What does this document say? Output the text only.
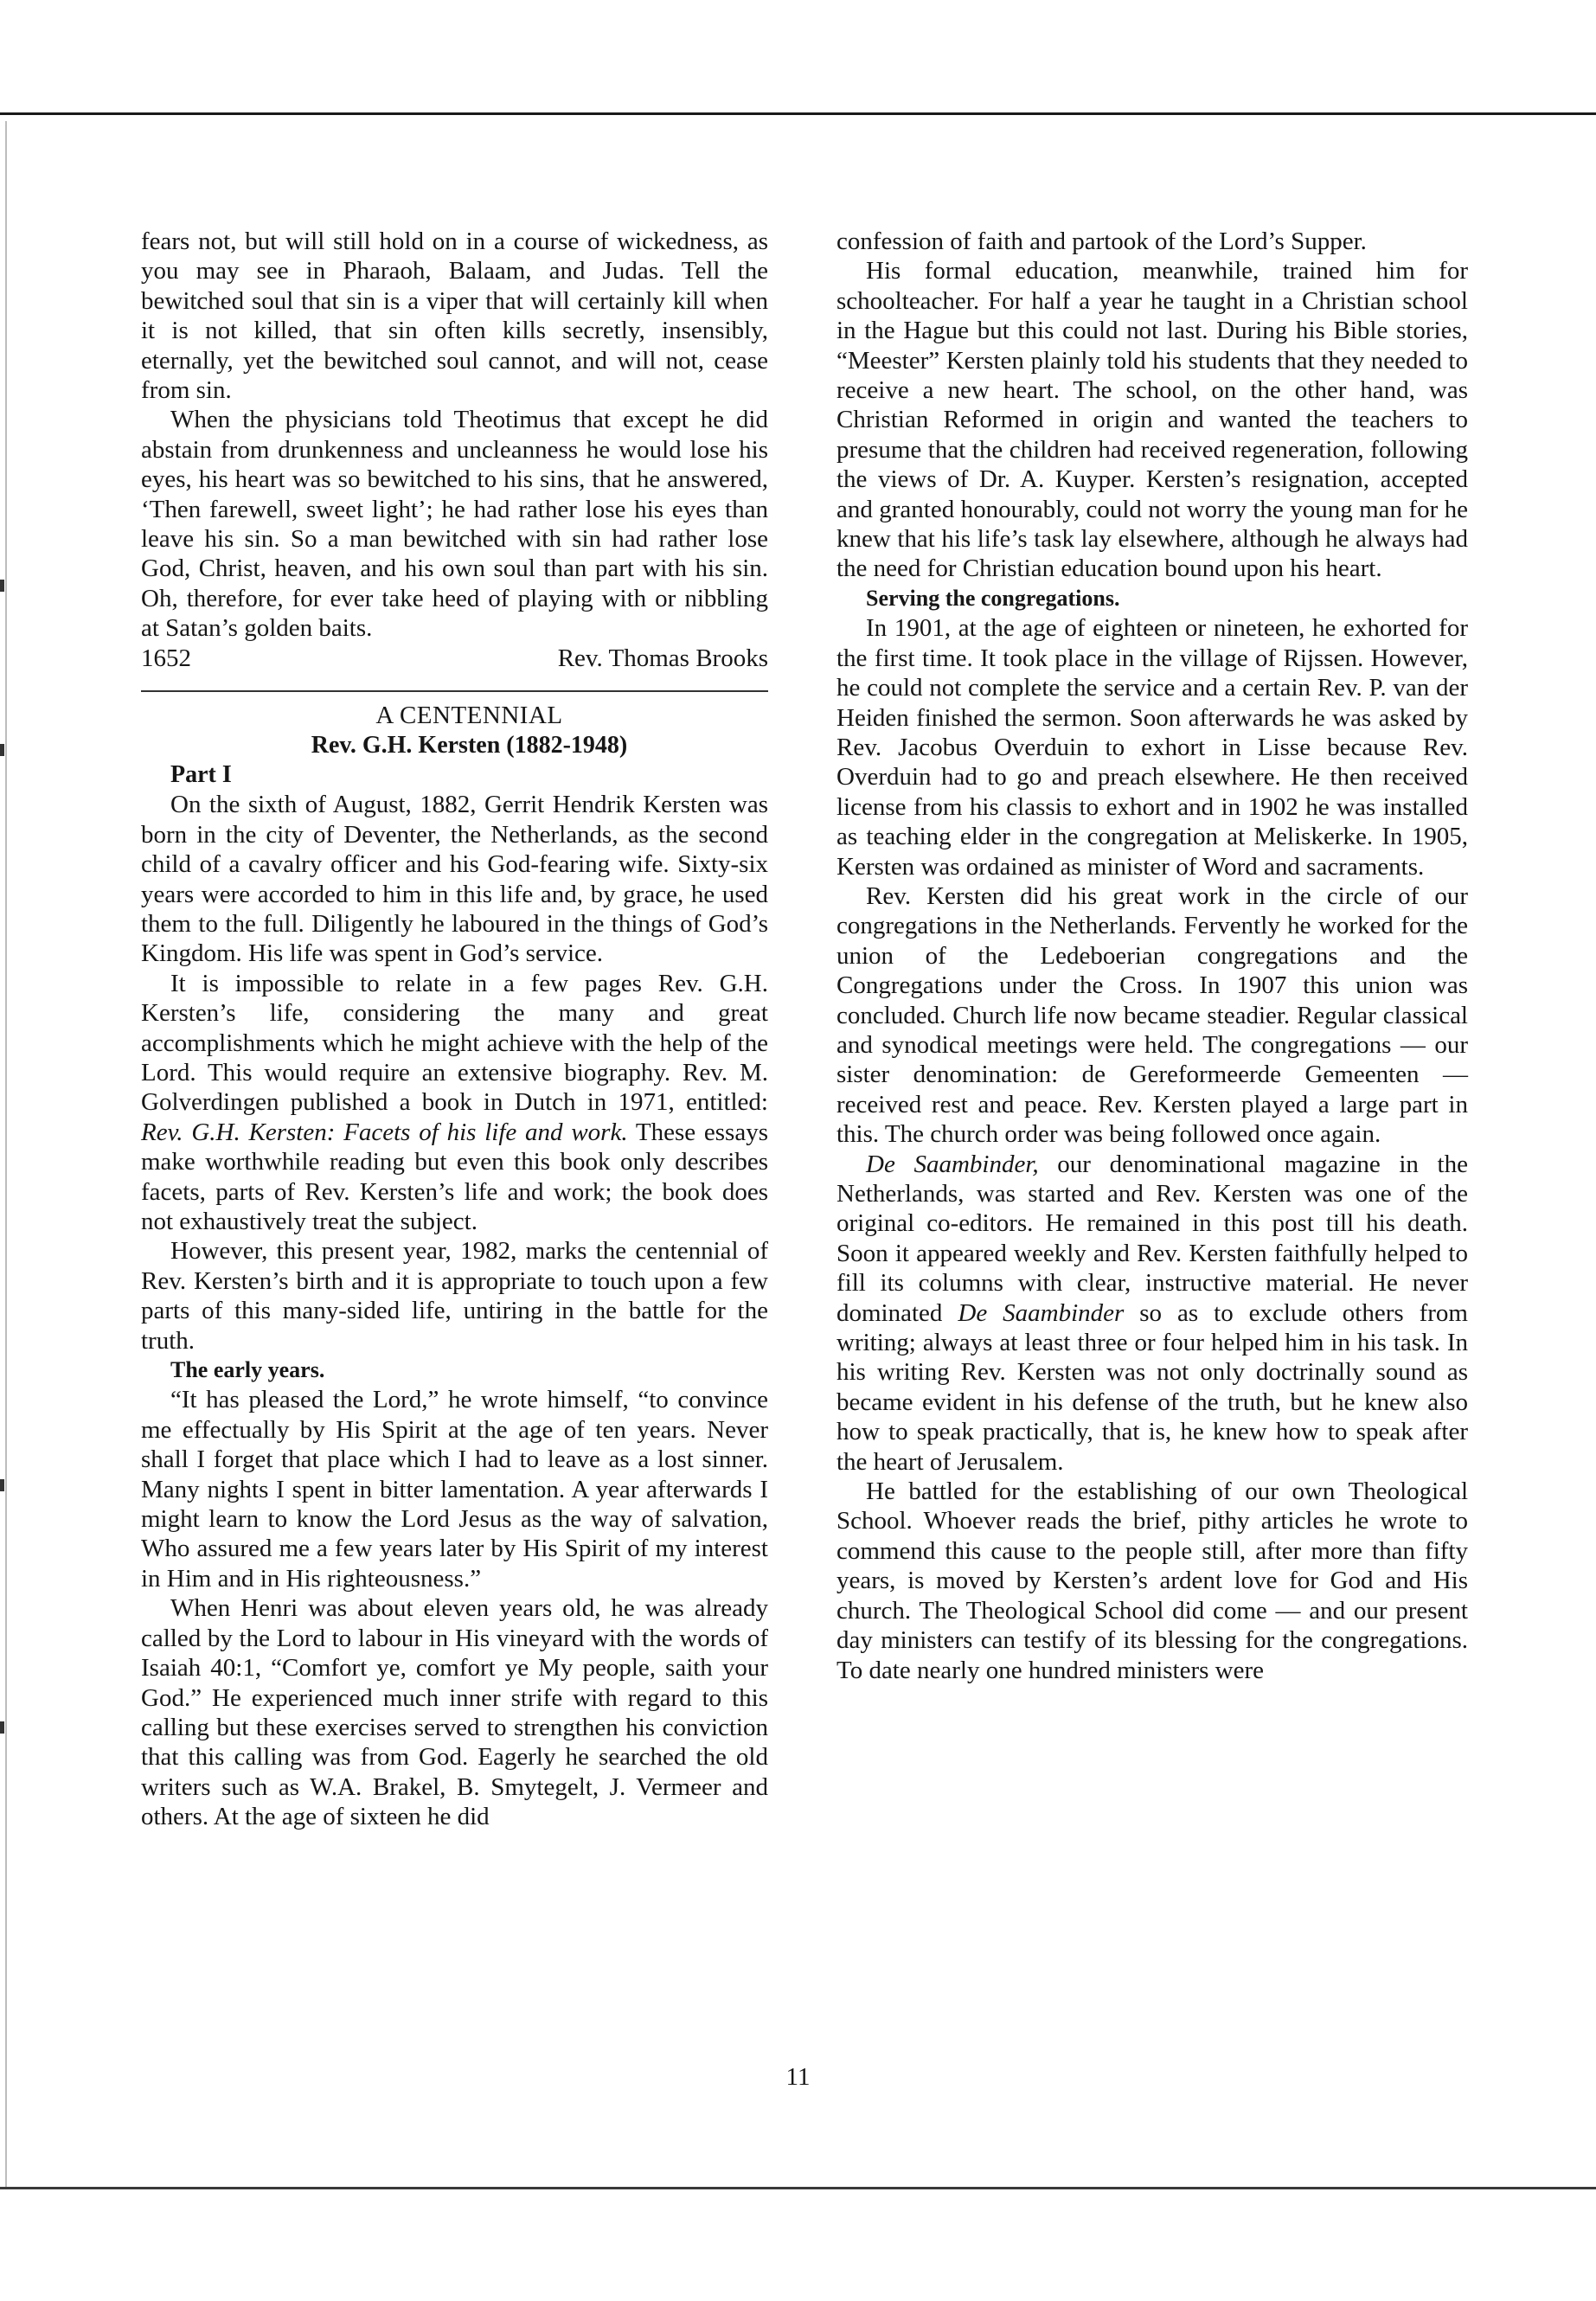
fears not, but will still hold on in a course of wickedness, as you may see in Pharaoh, Balaam, and Judas. Tell the bewitched soul that sin is a viper that will certainly kill when it is not killed, that sin often kills secretly, insensibly, eternally, yet the bewitched soul cannot, and will not, cease from sin.

When the physicians told Theotimus that except he did abstain from drunkenness and uncleanness he would lose his eyes, his heart was so bewitched to his sins, that he answered, ‘Then farewell, sweet light’; he had rather lose his eyes than leave his sin. So a man bewitched with sin had rather lose God, Christ, heaven, and his own soul than part with his sin. Oh, therefore, for ever take heed of playing with or nibbling at Satan’s golden baits.

1652	Rev. Thomas Brooks

A CENTENNIAL

Rev. G.H. Kersten (1882-1948)

Part I

On the sixth of August, 1882, Gerrit Hendrik Kersten was born in the city of Deventer, the Netherlands, as the second child of a cavalry officer and his God-fearing wife. Sixty-six years were accorded to him in this life and, by grace, he used them to the full. Diligently he laboured in the things of God’s Kingdom. His life was spent in God’s service.

It is impossible to relate in a few pages Rev. G.H. Kersten’s life, considering the many and great accomplishments which he might achieve with the help of the Lord. This would require an extensive biography. Rev. M. Golverdingen published a book in Dutch in 1971, entitled: Rev. G.H. Kersten: Facets of his life and work. These essays make worthwhile reading but even this book only describes facets, parts of Rev. Kersten’s life and work; the book does not exhaustively treat the subject.

However, this present year, 1982, marks the centennial of Rev. Kersten’s birth and it is appropriate to touch upon a few parts of this many-sided life, untiring in the battle for the truth.

The early years.

“It has pleased the Lord,” he wrote himself, “to convince me effectually by His Spirit at the age of ten years. Never shall I forget that place which I had to leave as a lost sinner. Many nights I spent in bitter lamentation. A year afterwards I might learn to know the Lord Jesus as the way of salvation, Who assured me a few years later by His Spirit of my interest in Him and in His righteousness.”

When Henri was about eleven years old, he was already called by the Lord to labour in His vineyard with the words of Isaiah 40:1, “Comfort ye, comfort ye My people, saith your God.” He experienced much inner strife with regard to this calling but these exercises served to strengthen his conviction that this calling was from God. Eagerly he searched the old writers such as W.A. Brakel, B. Smytegelt, J. Vermeer and others. At the age of sixteen he did

confession of faith and partook of the Lord’s Supper.

His formal education, meanwhile, trained him for schoolteacher. For half a year he taught in a Christian school in the Hague but this could not last. During his Bible stories, “Meester” Kersten plainly told his students that they needed to receive a new heart. The school, on the other hand, was Christian Reformed in origin and wanted the teachers to presume that the children had received regeneration, following the views of Dr. A. Kuyper. Kersten’s resignation, accepted and granted honourably, could not worry the young man for he knew that his life’s task lay elsewhere, although he always had the need for Christian education bound upon his heart.

Serving the congregations.

In 1901, at the age of eighteen or nineteen, he exhorted for the first time. It took place in the village of Rijssen. However, he could not complete the service and a certain Rev. P. van der Heiden finished the sermon. Soon afterwards he was asked by Rev. Jacobus Overduin to exhort in Lisse because Rev. Overduin had to go and preach elsewhere. He then received license from his classis to exhort and in 1902 he was installed as teaching elder in the congregation at Meliskerke. In 1905, Kersten was ordained as minister of Word and sacraments.

Rev. Kersten did his great work in the circle of our congregations in the Netherlands. Fervently he worked for the union of the Ledeboerian congregations and the Congregations under the Cross. In 1907 this union was concluded. Church life now became steadier. Regular classical and synodical meetings were held. The congregations — our sister denomination: de Gereformeerde Gemeenten — received rest and peace. Rev. Kersten played a large part in this. The church order was being followed once again.

De Saambinder, our denominational magazine in the Netherlands, was started and Rev. Kersten was one of the original co-editors. He remained in this post till his death. Soon it appeared weekly and Rev. Kersten faithfully helped to fill its columns with clear, instructive material. He never dominated De Saambinder so as to exclude others from writing; always at least three or four helped him in his task. In his writing Rev. Kersten was not only doctrinally sound as became evident in his defense of the truth, but he knew also how to speak practically, that is, he knew how to speak after the heart of Jerusalem.

He battled for the establishing of our own Theological School. Whoever reads the brief, pithy articles he wrote to commend this cause to the people still, after more than fifty years, is moved by Kersten’s ardent love for God and His church. The Theological School did come — and our present day ministers can testify of its blessing for the congregations. To date nearly one hundred ministers were

11
